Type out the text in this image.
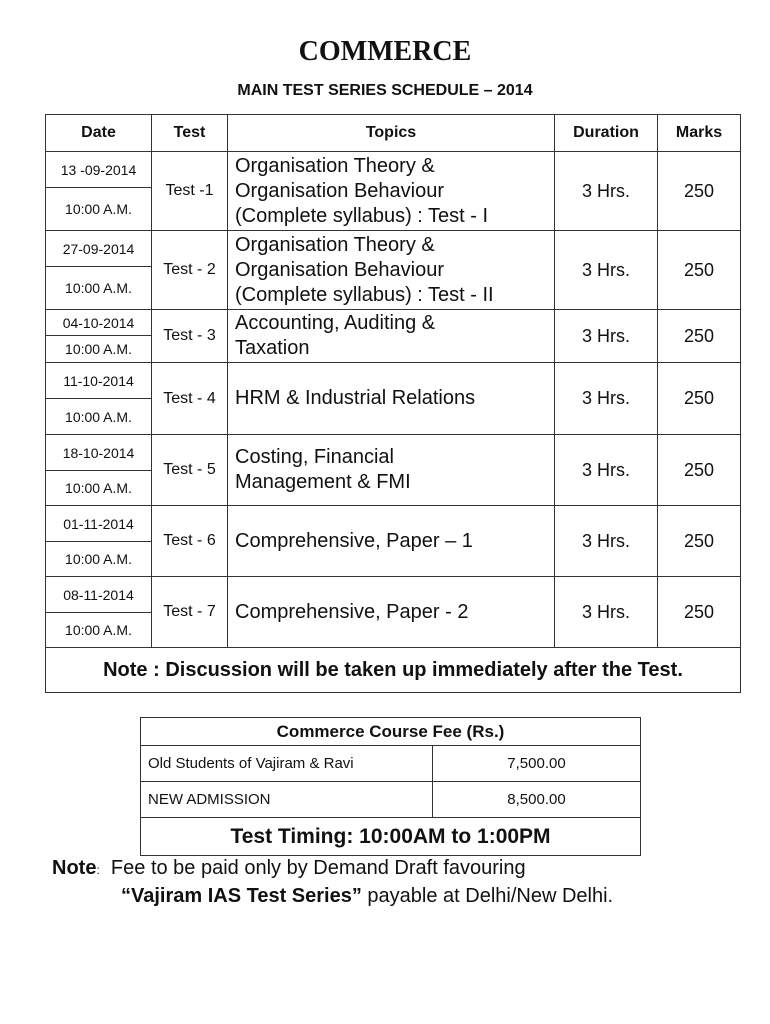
COMMERCE
MAIN TEST SERIES SCHEDULE – 2014
Date	Test	Topics	Duration	Marks
13 -09-2014	Test -1	Organisation Theory &
Organisation Behaviour
(Complete syllabus) : Test - I	3 Hrs.	250
10:00 A.M.				
27-09-2014	Test - 2	Organisation Theory &
Organisation Behaviour
(Complete syllabus) : Test - II	3 Hrs.	250
10:00 A.M.				
04-10-2014	Test - 3	Accounting, Auditing &
Taxation	3 Hrs.	250
10:00 A.M.				
11-10-2014	Test - 4	HRM & Industrial Relations	3 Hrs.	250
10:00 A.M.				
18-10-2014	Test - 5	Costing, Financial
Management & FMI	3 Hrs.	250
10:00 A.M.				
01-11-2014	Test - 6	Comprehensive, Paper – 1	3 Hrs.	250
10:00 A.M.				
08-11-2014	Test - 7	Comprehensive, Paper - 2	3 Hrs.	250
10:00 A.M.				
Note : Discussion will be taken up immediately after the Test.				
Commerce Course Fee (Rs.)	
Old Students of Vajiram & Ravi	7,500.00
NEW ADMISSION	8,500.00
Test Timing: 10:00AM to 1:00PM	
Note: Fee to be paid only by Demand Draft favouring
“Vajiram IAS Test Series” payable at Delhi/New Delhi.
